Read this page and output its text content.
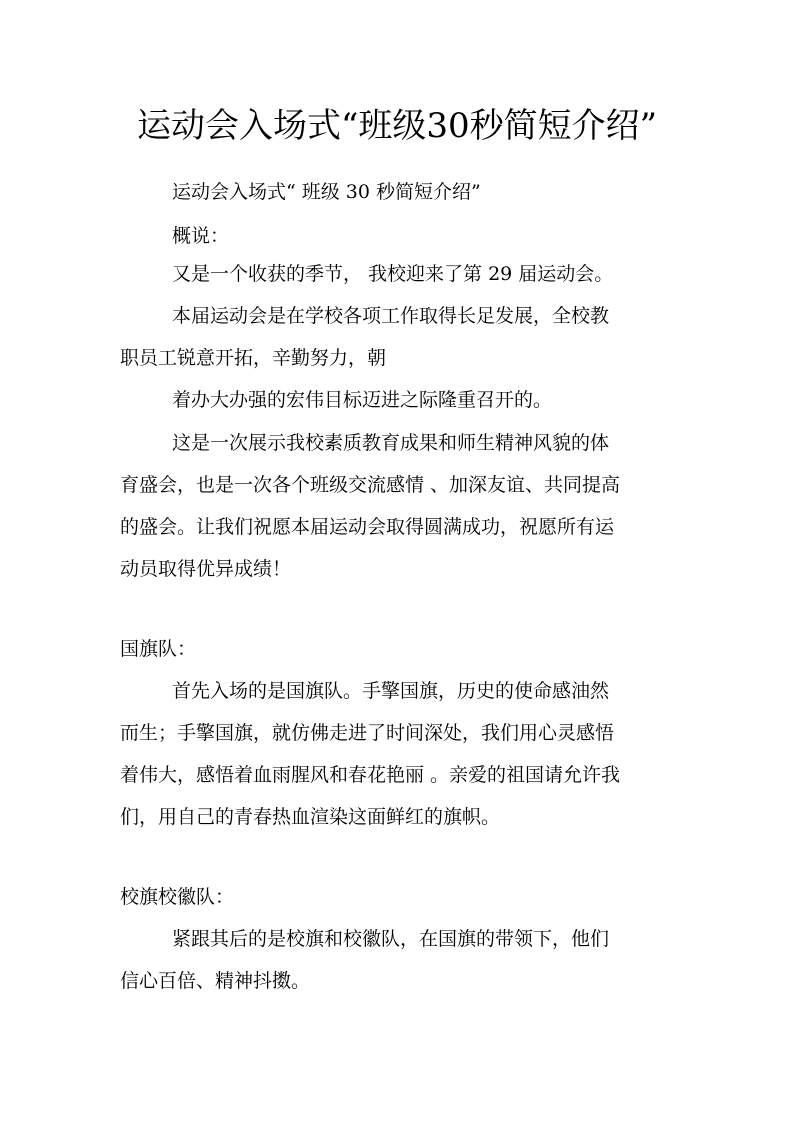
运动会入场式“班级30秒简短介绍”

运动会入场式“ 班级 30 秒简短介绍”

概说：

又是一个收获的季节， 我校迎来了第 29 届运动会。

本届运动会是在学校各项工作取得长足发展，全校教

职员工锐意开拓，辛勤努力，朝

着办大办强的宏伟目标迈进之际隆重召开的。

这是一次展示我校素质教育成果和师生精神风貌的体

育盛会，也是一次各个班级交流感情 、加深友谊、共同提高

的盛会。让我们祝愿本届运动会取得圆满成功，祝愿所有运

动员取得优异成绩！

国旗队：

首先入场的是国旗队。手擎国旗，历史的使命感油然

而生；手擎国旗，就仿佛走进了时间深处，我们用心灵感悟

着伟大，感悟着血雨腥风和春花艳丽 。亲爱的祖国请允许我

们，用自己的青春热血渲染这面鲜红的旗帜。

校旗校徽队：

紧跟其后的是校旗和校徽队，在国旗的带领下，他们

信心百倍、精神抖擞。
